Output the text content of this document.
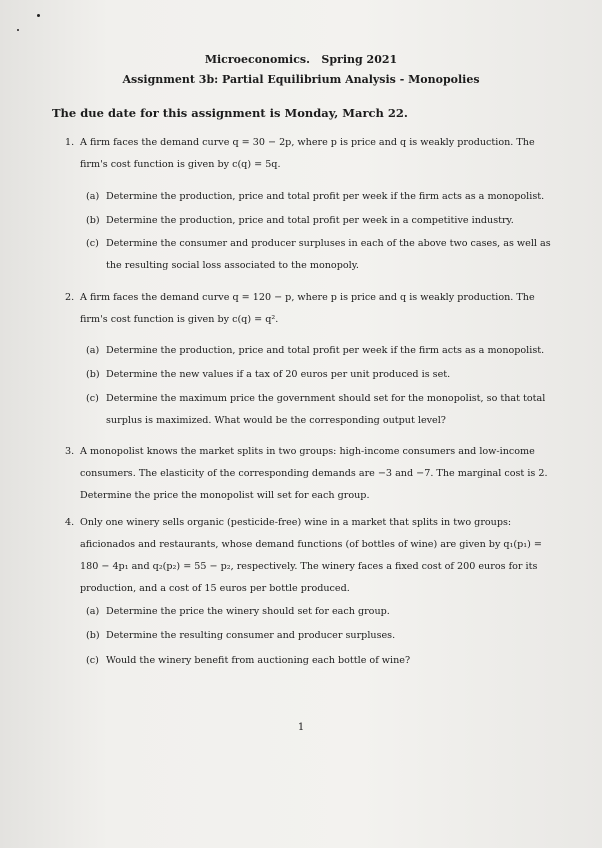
Microeconomics.   Spring 2021
Assignment 3b: Partial Equilibrium Analysis - Monopolies
The due date for this assignment is Monday, March 22.
1. A firm faces the demand curve q = 30 − 2p, where p is price and q is weakly production. The firm's cost function is given by c(q) = 5q.
(a) Determine the production, price and total profit per week if the firm acts as a monopolist.
(b) Determine the production, price and total profit per week in a competitive industry.
(c) Determine the consumer and producer surpluses in each of the above two cases, as well as the resulting social loss associated to the monopoly.
2. A firm faces the demand curve q = 120 − p, where p is price and q is weakly production. The firm's cost function is given by c(q) = q².
(a) Determine the production, price and total profit per week if the firm acts as a monopolist.
(b) Determine the new values if a tax of 20 euros per unit produced is set.
(c) Determine the maximum price the government should set for the monopolist, so that total surplus is maximized. What would be the corresponding output level?
3. A monopolist knows the market splits in two groups: high-income consumers and low-income consumers. The elasticity of the corresponding demands are −3 and −7. The marginal cost is 2. Determine the price the monopolist will set for each group.
4. Only one winery sells organic (pesticide-free) wine in a market that splits in two groups: aficionados and restaurants, whose demand functions (of bottles of wine) are given by q₁(p₁) = 180 − 4p₁ and q₂(p₂) = 55 − p₂, respectively. The winery faces a fixed cost of 200 euros for its production, and a cost of 15 euros per bottle produced.
(a) Determine the price the winery should set for each group.
(b) Determine the resulting consumer and producer surpluses.
(c) Would the winery benefit from auctioning each bottle of wine?
1
